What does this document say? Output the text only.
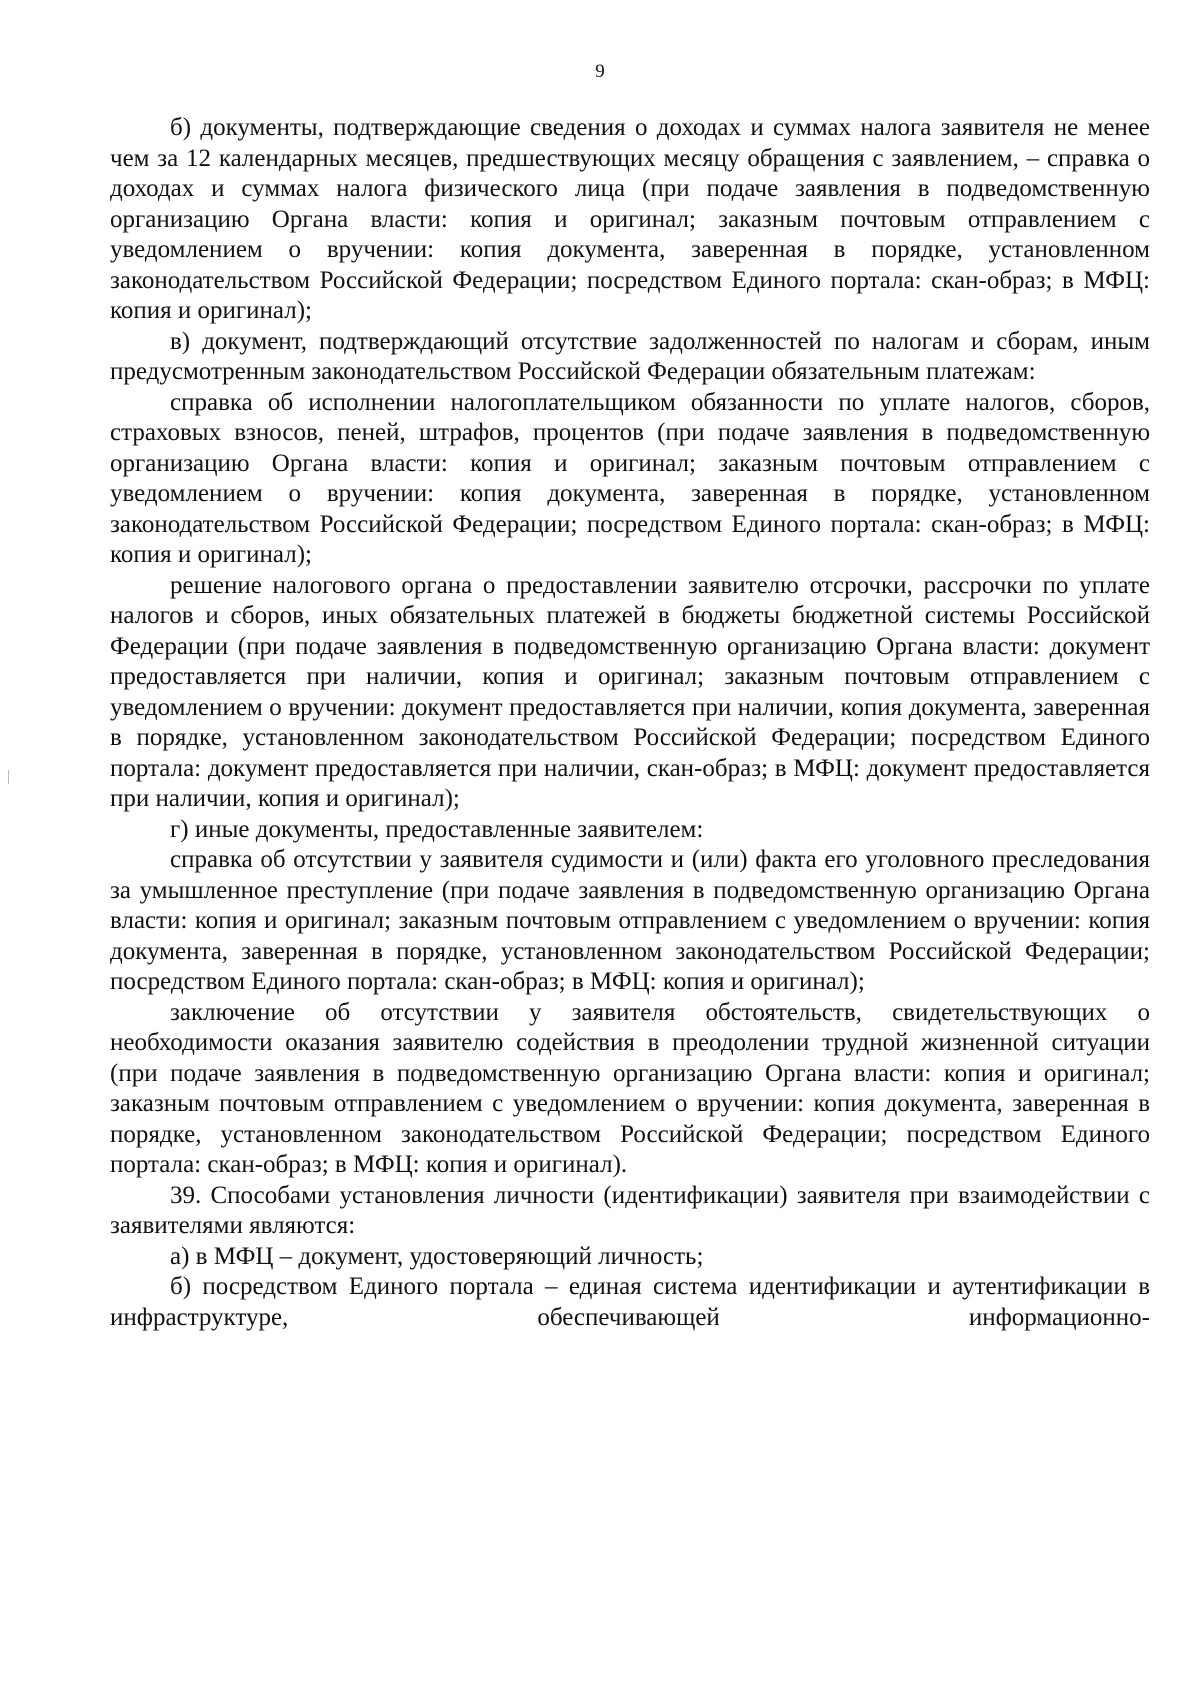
9

б) документы, подтверждающие сведения о доходах и суммах налога заявителя не менее чем за 12 календарных месяцев, предшествующих месяцу обращения с заявлением, – справка о доходах и суммах налога физического лица (при подаче заявления в подведомственную организацию Органа власти: копия и оригинал; заказным почтовым отправлением с уведомлением о вручении: копия документа, заверенная в порядке, установленном законодательством Российской Федерации; посредством Единого портала: скан-образ; в МФЦ: копия и оригинал);

в) документ, подтверждающий отсутствие задолженностей по налогам и сборам, иным предусмотренным законодательством Российской Федерации обязательным платежам:

справка об исполнении налогоплательщиком обязанности по уплате налогов, сборов, страховых взносов, пеней, штрафов, процентов (при подаче заявления в подведомственную организацию Органа власти: копия и оригинал; заказным почтовым отправлением с уведомлением о вручении: копия документа, заверенная в порядке, установленном законодательством Российской Федерации; посредством Единого портала: скан-образ; в МФЦ: копия и оригинал);

решение налогового органа о предоставлении заявителю отсрочки, рассрочки по уплате налогов и сборов, иных обязательных платежей в бюджеты бюджетной системы Российской Федерации (при подаче заявления в подведомственную организацию Органа власти: документ предоставляется при наличии, копия и оригинал; заказным почтовым отправлением с уведомлением о вручении: документ предоставляется при наличии, копия документа, заверенная в порядке, установленном законодательством Российской Федерации; посредством Единого портала: документ предоставляется при наличии, скан-образ; в МФЦ: документ предоставляется при наличии, копия и оригинал);

г) иные документы, предоставленные заявителем:

справка об отсутствии у заявителя судимости и (или) факта его уголовного преследования за умышленное преступление (при подаче заявления в подведомственную организацию Органа власти: копия и оригинал; заказным почтовым отправлением с уведомлением о вручении: копия документа, заверенная в порядке, установленном законодательством Российской Федерации; посредством Единого портала: скан-образ; в МФЦ: копия и оригинал);

заключение об отсутствии у заявителя обстоятельств, свидетельствующих о необходимости оказания заявителю содействия в преодолении трудной жизненной ситуации (при подаче заявления в подведомственную организацию Органа власти: копия и оригинал; заказным почтовым отправлением с уведомлением о вручении: копия документа, заверенная в порядке, установленном законодательством Российской Федерации; посредством Единого портала: скан-образ; в МФЦ: копия и оригинал).

39. Способами установления личности (идентификации) заявителя при взаимодействии с заявителями являются:

а) в МФЦ – документ, удостоверяющий личность;

б) посредством Единого портала – единая система идентификации и аутентификации в инфраструктуре, обеспечивающей информационно-
